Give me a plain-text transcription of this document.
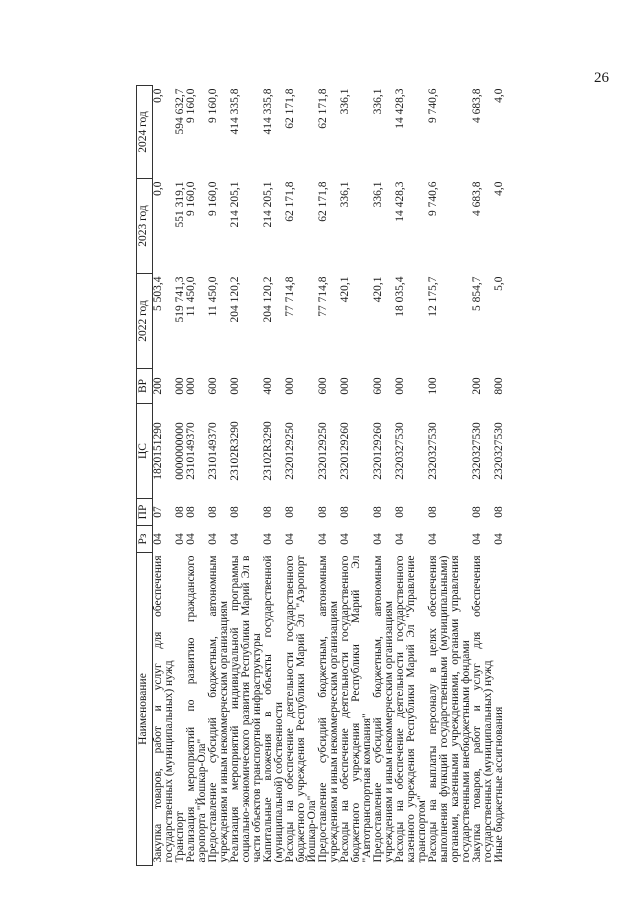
26
Наименование	Рз	ПР	ЦС	ВР	2022 год	2023 год	2024 год
Закупка товаров, работ и услуг для обеспечения государственных (муниципальных) нужд	04	07	1820151290	200	5 503,4	0,0	0,0

Транспорт	04	08	0000000000	000	519 741,3	551 319,1	594 632,7

Реализация мероприятий по развитию гражданского аэропорта "Йошкар-Ола"	04	08	2310149370	000	11 450,0	9 160,0	9 160,0

Предоставление субсидий бюджетным, автономным учреждениям и иным некоммерческим организациям	04	08	2310149370	600	11 450,0	9 160,0	9 160,0

Реализация мероприятий индивидуальной программы социально-экономического развития Республики Марий Эл в части объектов транспортной инфраструктуры	04	08	23102R3290	000	204 120,2	214 205,1	414 335,8

Капитальные вложения в объекты государственной (муниципальной) собственности	04	08	23102R3290	400	204 120,2	214 205,1	414 335,8

Расходы на обеспечение деятельности государственного бюджетного учреждения Республики Марий Эл "Аэропорт Йошкар-Ола"	04	08	2320129250	000	77 714,8	62 171,8	62 171,8

Предоставление субсидий бюджетным, автономным учреждениям и иным некоммерческим организациям	04	08	2320129250	600	77 714,8	62 171,8	62 171,8

Расходы на обеспечение деятельности государственного бюджетного учреждения Республики Марий Эл "Автотранспортная компания"	04	08	2320129260	000	420,1	336,1	336,1

Предоставление субсидий бюджетным, автономным учреждениям и иным некоммерческим организациям	04	08	2320129260	600	420,1	336,1	336,1

Расходы на обеспечение деятельности государственного казенного учреждения Республики Марий Эл "Управление транспортом"	04	08	2320327530	000	18 035,4	14 428,3	14 428,3

Расходы на выплаты персоналу в целях обеспечения выполнения функций государственными (муниципальными) органами, казенными учреждениями, органами управления государственными внебюджетными фондами	04	08	2320327530	100	12 175,7	9 740,6	9 740,6

Закупка товаров, работ и услуг для обеспечения государственных (муниципальных) нужд	04	08	2320327530	200	5 854,7	4 683,8	4 683,8

Иные бюджетные ассигнования	04	08	2320327530	800	5,0	4,0	4,0
